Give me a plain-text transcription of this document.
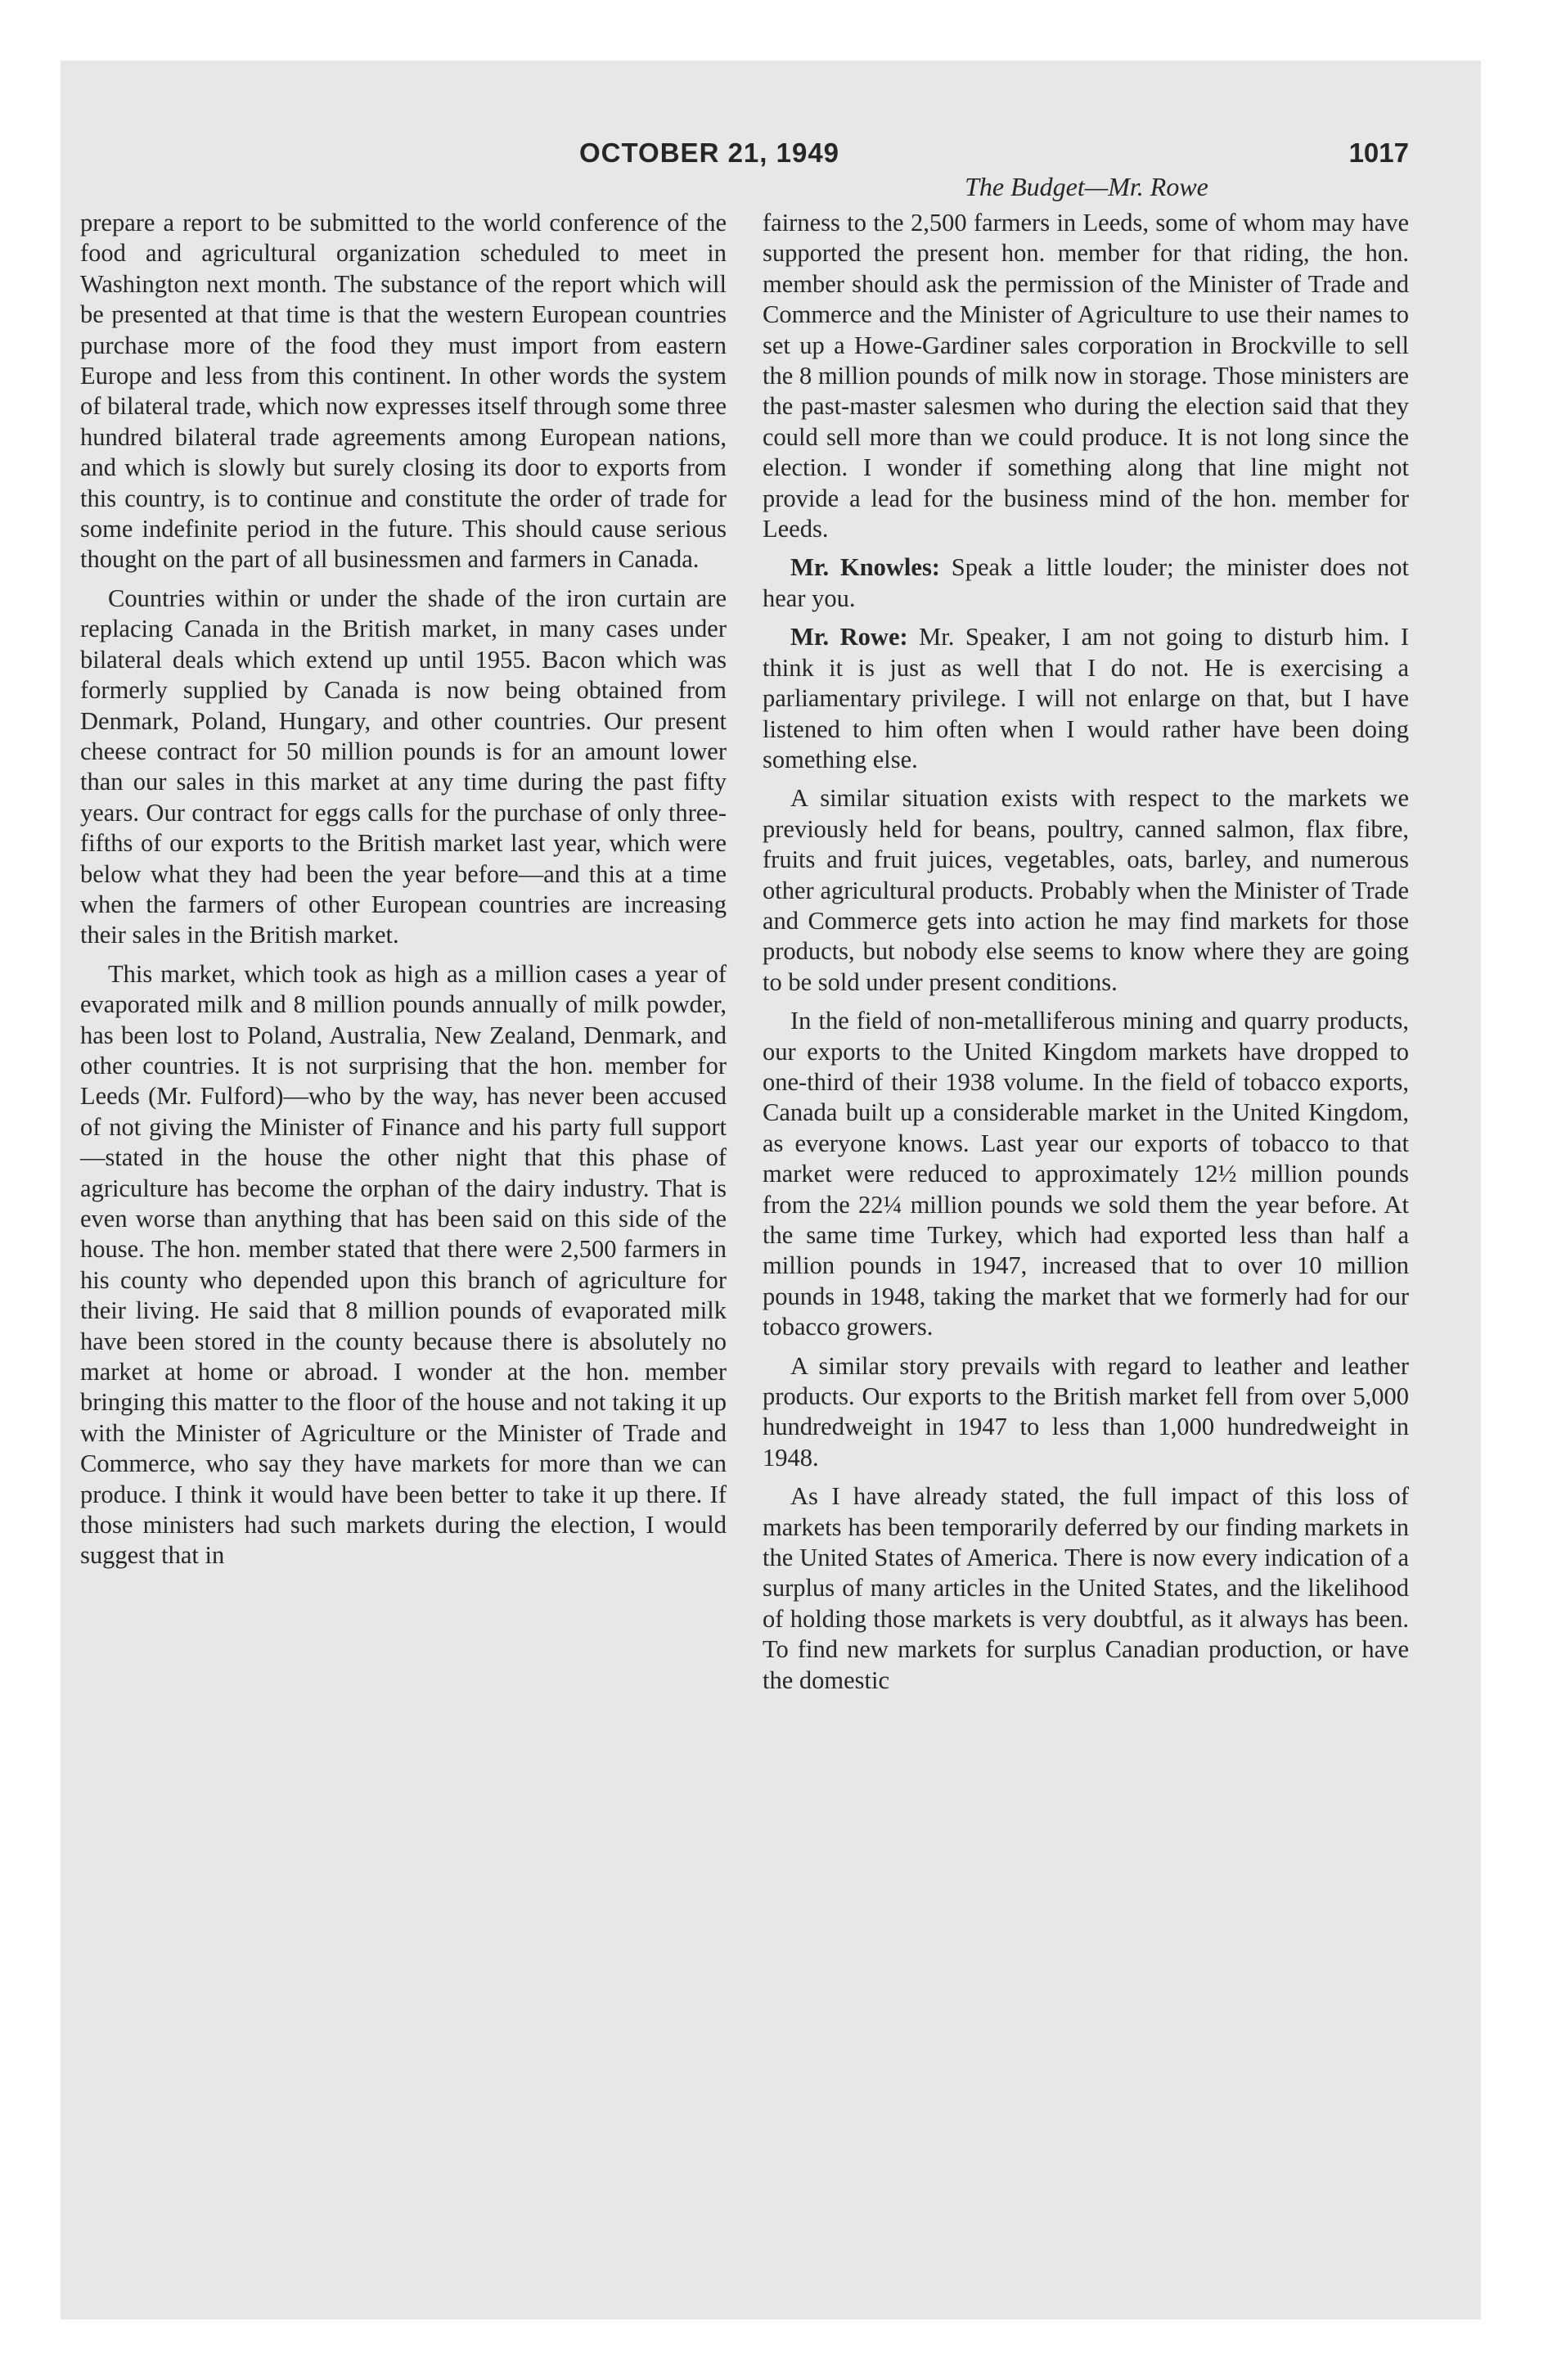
OCTOBER 21, 1949	1017
The Budget—Mr. Rowe

prepare a report to be submitted to the world conference of the food and agricultural organization scheduled to meet in Washington next month. The substance of the report which will be presented at that time is that the western European countries purchase more of the food they must import from eastern Europe and less from this continent. In other words the system of bilateral trade, which now expresses itself through some three hundred bilateral trade agreements among European nations, and which is slowly but surely closing its door to exports from this country, is to continue and constitute the order of trade for some indefinite period in the future. This should cause serious thought on the part of all businessmen and farmers in Canada.

Countries within or under the shade of the iron curtain are replacing Canada in the British market, in many cases under bilateral deals which extend up until 1955. Bacon which was formerly supplied by Canada is now being obtained from Denmark, Poland, Hungary, and other countries. Our present cheese contract for 50 million pounds is for an amount lower than our sales in this market at any time during the past fifty years. Our contract for eggs calls for the purchase of only three-fifths of our exports to the British market last year, which were below what they had been the year before—and this at a time when the farmers of other European countries are increasing their sales in the British market.

This market, which took as high as a million cases a year of evaporated milk and 8 million pounds annually of milk powder, has been lost to Poland, Australia, New Zealand, Denmark, and other countries. It is not surprising that the hon. member for Leeds (Mr. Fulford)—who by the way, has never been accused of not giving the Minister of Finance and his party full support—stated in the house the other night that this phase of agriculture has become the orphan of the dairy industry. That is even worse than anything that has been said on this side of the house. The hon. member stated that there were 2,500 farmers in his county who depended upon this branch of agriculture for their living. He said that 8 million pounds of evaporated milk have been stored in the county because there is absolutely no market at home or abroad. I wonder at the hon. member bringing this matter to the floor of the house and not taking it up with the Minister of Agriculture or the Minister of Trade and Commerce, who say they have markets for more than we can produce. I think it would have been better to take it up there. If those ministers had such markets during the election, I would suggest that in

fairness to the 2,500 farmers in Leeds, some of whom may have supported the present hon. member for that riding, the hon. member should ask the permission of the Minister of Trade and Commerce and the Minister of Agriculture to use their names to set up a Howe-Gardiner sales corporation in Brockville to sell the 8 million pounds of milk now in storage. Those ministers are the past-master salesmen who during the election said that they could sell more than we could produce. It is not long since the election. I wonder if something along that line might not provide a lead for the business mind of the hon. member for Leeds.

Mr. Knowles: Speak a little louder; the minister does not hear you.

Mr. Rowe: Mr. Speaker, I am not going to disturb him. I think it is just as well that I do not. He is exercising a parliamentary privilege. I will not enlarge on that, but I have listened to him often when I would rather have been doing something else.

A similar situation exists with respect to the markets we previously held for beans, poultry, canned salmon, flax fibre, fruits and fruit juices, vegetables, oats, barley, and numerous other agricultural products. Probably when the Minister of Trade and Commerce gets into action he may find markets for those products, but nobody else seems to know where they are going to be sold under present conditions.

In the field of non-metalliferous mining and quarry products, our exports to the United Kingdom markets have dropped to one-third of their 1938 volume. In the field of tobacco exports, Canada built up a considerable market in the United Kingdom, as everyone knows. Last year our exports of tobacco to that market were reduced to approximately 12½ million pounds from the 22¼ million pounds we sold them the year before. At the same time Turkey, which had exported less than half a million pounds in 1947, increased that to over 10 million pounds in 1948, taking the market that we formerly had for our tobacco growers.

A similar story prevails with regard to leather and leather products. Our exports to the British market fell from over 5,000 hundredweight in 1947 to less than 1,000 hundredweight in 1948.

As I have already stated, the full impact of this loss of markets has been temporarily deferred by our finding markets in the United States of America. There is now every indication of a surplus of many articles in the United States, and the likelihood of holding those markets is very doubtful, as it always has been. To find new markets for surplus Canadian production, or have the domestic
